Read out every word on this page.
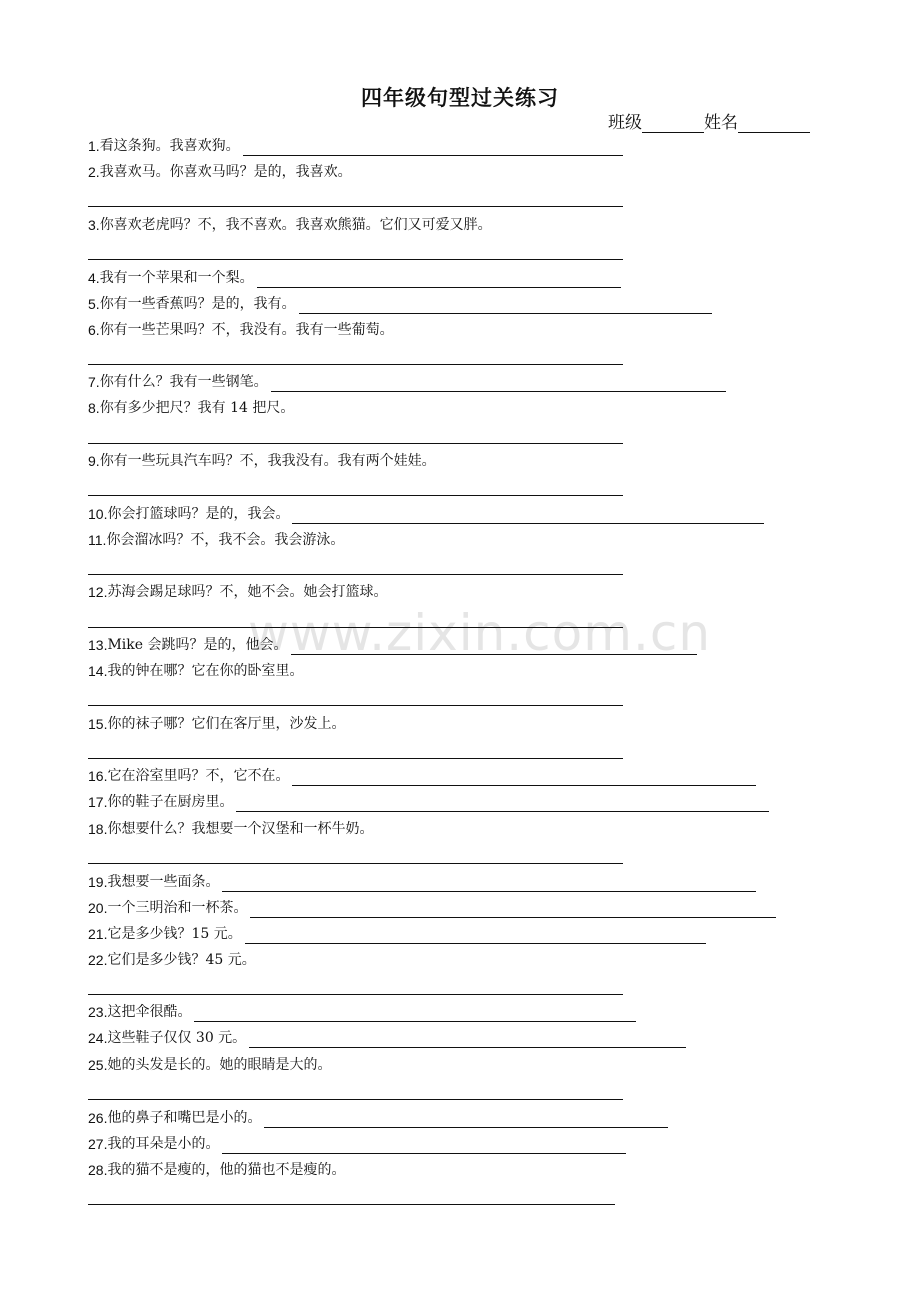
四年级句型过关练习
班级	姓名
www.zixin.com.cn
1. 看这条狗。我喜欢狗。
2. 我喜欢马。你喜欢马吗？是的，我喜欢。
3. 你喜欢老虎吗？不，我不喜欢。我喜欢熊猫。它们又可爱又胖。
4. 我有一个苹果和一个梨。
5. 你有一些香蕉吗？是的，我有。
6. 你有一些芒果吗？不，我没有。我有一些葡萄。
7. 你有什么？我有一些钢笔。
8. 你有多少把尺？我有 14 把尺。
9. 你有一些玩具汽车吗？不，我我没有。我有两个娃娃。
10. 你会打篮球吗？是的，我会。
11. 你会溜冰吗？不，我不会。我会游泳。
12. 苏海会踢足球吗？不，她不会。她会打篮球。
13. Mike 会跳吗？是的，他会。
14. 我的钟在哪？它在你的卧室里。
15. 你的袜子哪？它们在客厅里，沙发上。
16. 它在浴室里吗？不，它不在。
17. 你的鞋子在厨房里。
18. 你想要什么？我想要一个汉堡和一杯牛奶。
19. 我想要一些面条。
20. 一个三明治和一杯茶。
21. 它是多少钱？15 元。
22. 它们是多少钱？45 元。
23. 这把伞很酷。
24. 这些鞋子仅仅 30 元。
25. 她的头发是长的。她的眼睛是大的。
26. 他的鼻子和嘴巴是小的。
27. 我的耳朵是小的。
28. 我的猫不是瘦的，他的猫也不是瘦的。
